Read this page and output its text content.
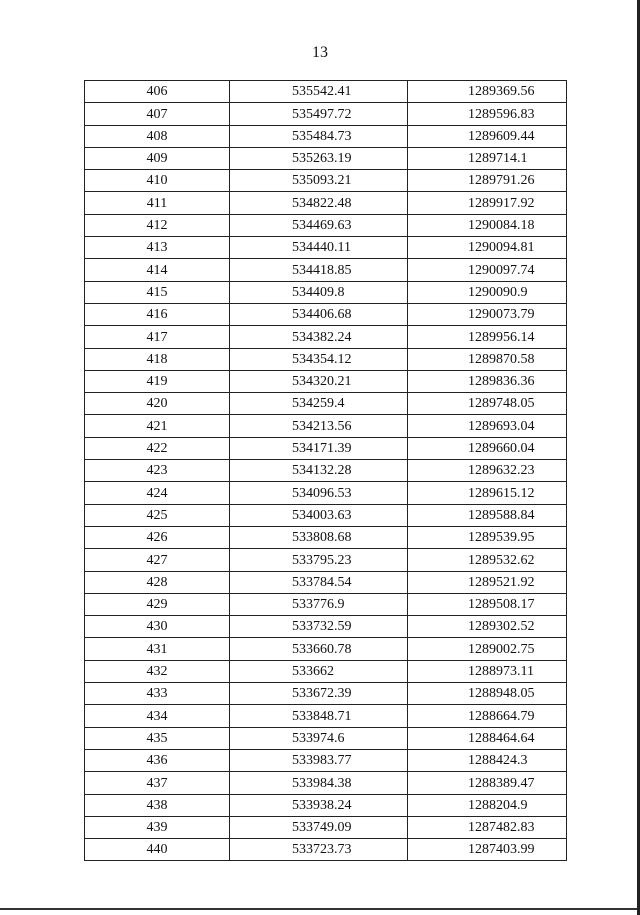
13
406	535542.41	1289369.56
407	535497.72	1289596.83
408	535484.73	1289609.44
409	535263.19	1289714.1
410	535093.21	1289791.26
411	534822.48	1289917.92
412	534469.63	1290084.18
413	534440.11	1290094.81
414	534418.85	1290097.74
415	534409.8	1290090.9
416	534406.68	1290073.79
417	534382.24	1289956.14
418	534354.12	1289870.58
419	534320.21	1289836.36
420	534259.4	1289748.05
421	534213.56	1289693.04
422	534171.39	1289660.04
423	534132.28	1289632.23
424	534096.53	1289615.12
425	534003.63	1289588.84
426	533808.68	1289539.95
427	533795.23	1289532.62
428	533784.54	1289521.92
429	533776.9	1289508.17
430	533732.59	1289302.52
431	533660.78	1289002.75
432	533662	1288973.11
433	533672.39	1288948.05
434	533848.71	1288664.79
435	533974.6	1288464.64
436	533983.77	1288424.3
437	533984.38	1288389.47
438	533938.24	1288204.9
439	533749.09	1287482.83
440	533723.73	1287403.99
